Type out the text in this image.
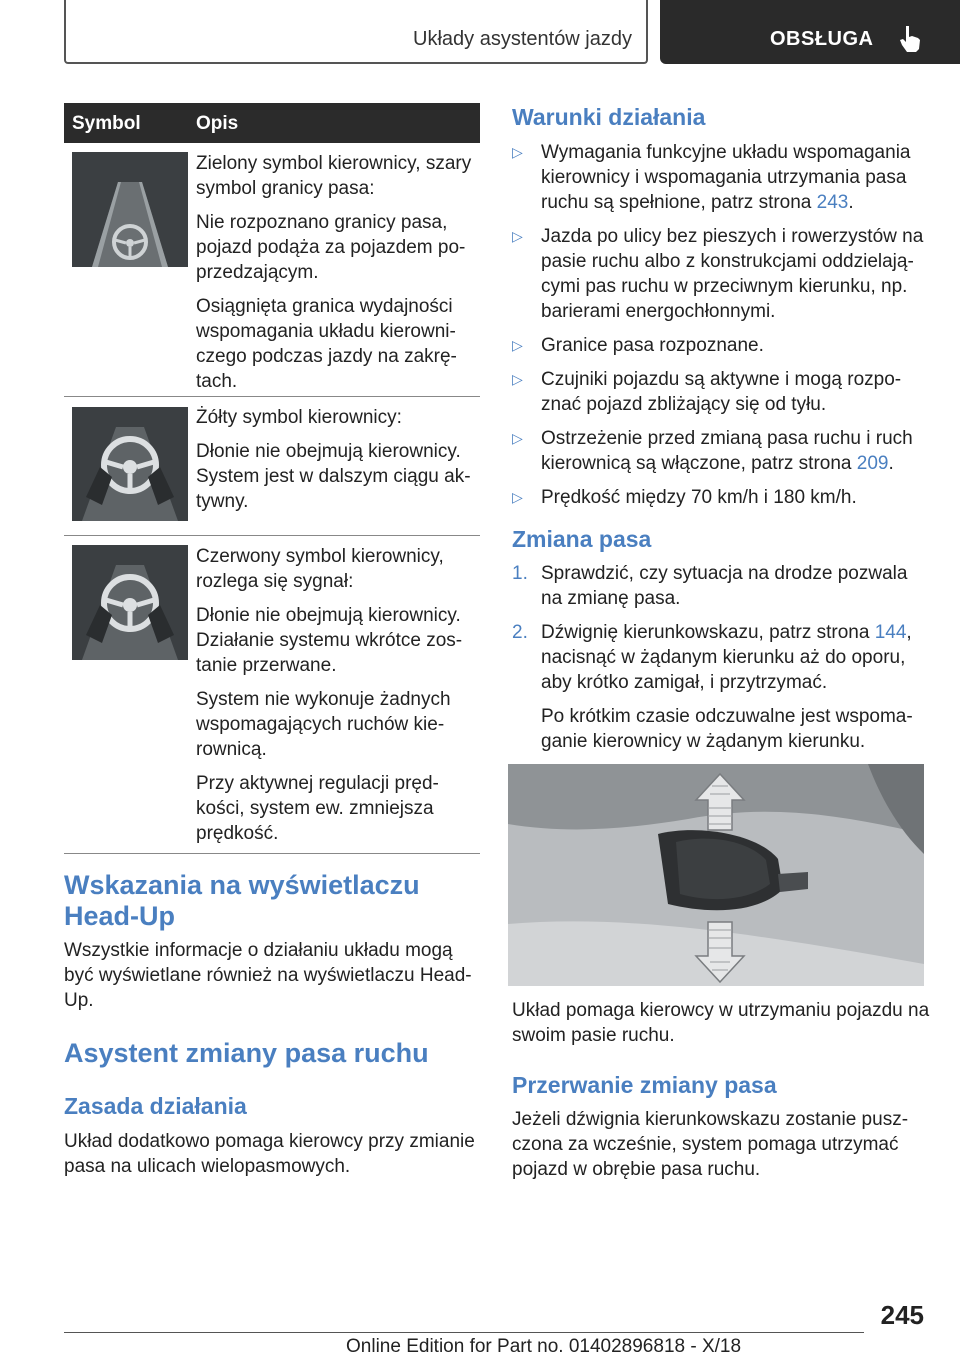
Układy asystentów jazdy	OBSŁUGA
Symbol	Opis

Zielony symbol kierownicy, szary symbol granicy pasa:

Nie rozpoznano granicy pasa, pojazd podąża za pojazdem po-przedzającym.

Osiągnięta granica wydajności wspomagania układu kierowni-czego podczas jazdy na zakrę-tach.

Żółty symbol kierownicy:

Dłonie nie obejmują kierownicy. System jest w dalszym ciągu ak-tywny.

Czerwony symbol kierownicy, rozlega się sygnał:

Dłonie nie obejmują kierownicy. Działanie systemu wkrótce zos-tanie przerwane.

System nie wykonuje żadnych wspomagających ruchów kie-rownicą.

Przy aktywnej regulacji pręd-kości, system ew. zmniejsza prędkość.

Wskazania na wyświetlaczu Head-Up
Wszystkie informacje o działaniu układu mogą być wyświetlane również na wyświetlaczu Head-Up.
Asystent zmiany pasa ruchu
Zasada działania
Układ dodatkowo pomaga kierowcy przy zmianie pasa na ulicach wielopasmowych.
Warunki działania
▷ Wymagania funkcyjne układu wspomagania kierownicy i wspomagania utrzymania pasa ruchu są spełnione, patrz strona 243.
▷ Jazda po ulicy bez pieszych i rowerzystów na pasie ruchu albo z konstrukcjami oddzielają-cymi pas ruchu w przeciwnym kierunku, np. barierami energochłonnymi.
▷ Granice pasa rozpoznane.
▷ Czujniki pojazdu są aktywne i mogą rozpo-znać pojazd zbliżający się od tyłu.
▷ Ostrzeżenie przed zmianą pasa ruchu i ruch kierownicą są włączone, patrz strona 209.
▷ Prędkość między 70 km/h i 180 km/h.
Zmiana pasa
1. Sprawdzić, czy sytuacja na drodze pozwala na zmianę pasa.
2. Dźwignię kierunkowskazu, patrz strona 144, nacisnąć w żądanym kierunku aż do oporu, aby krótko zamigał, i przytrzymać.
Po krótkim czasie odczuwalne jest wspoma-ganie kierownicy w żądanym kierunku.
Układ pomaga kierowcy w utrzymaniu pojazdu na swoim pasie ruchu.
Przerwanie zmiany pasa
Jeżeli dźwignia kierunkowskazu zostanie pusz-czona za wcześnie, system pomaga utrzymać pojazd w obrębie pasa ruchu.
245
Online Edition for Part no. 01402896818 - X/18
